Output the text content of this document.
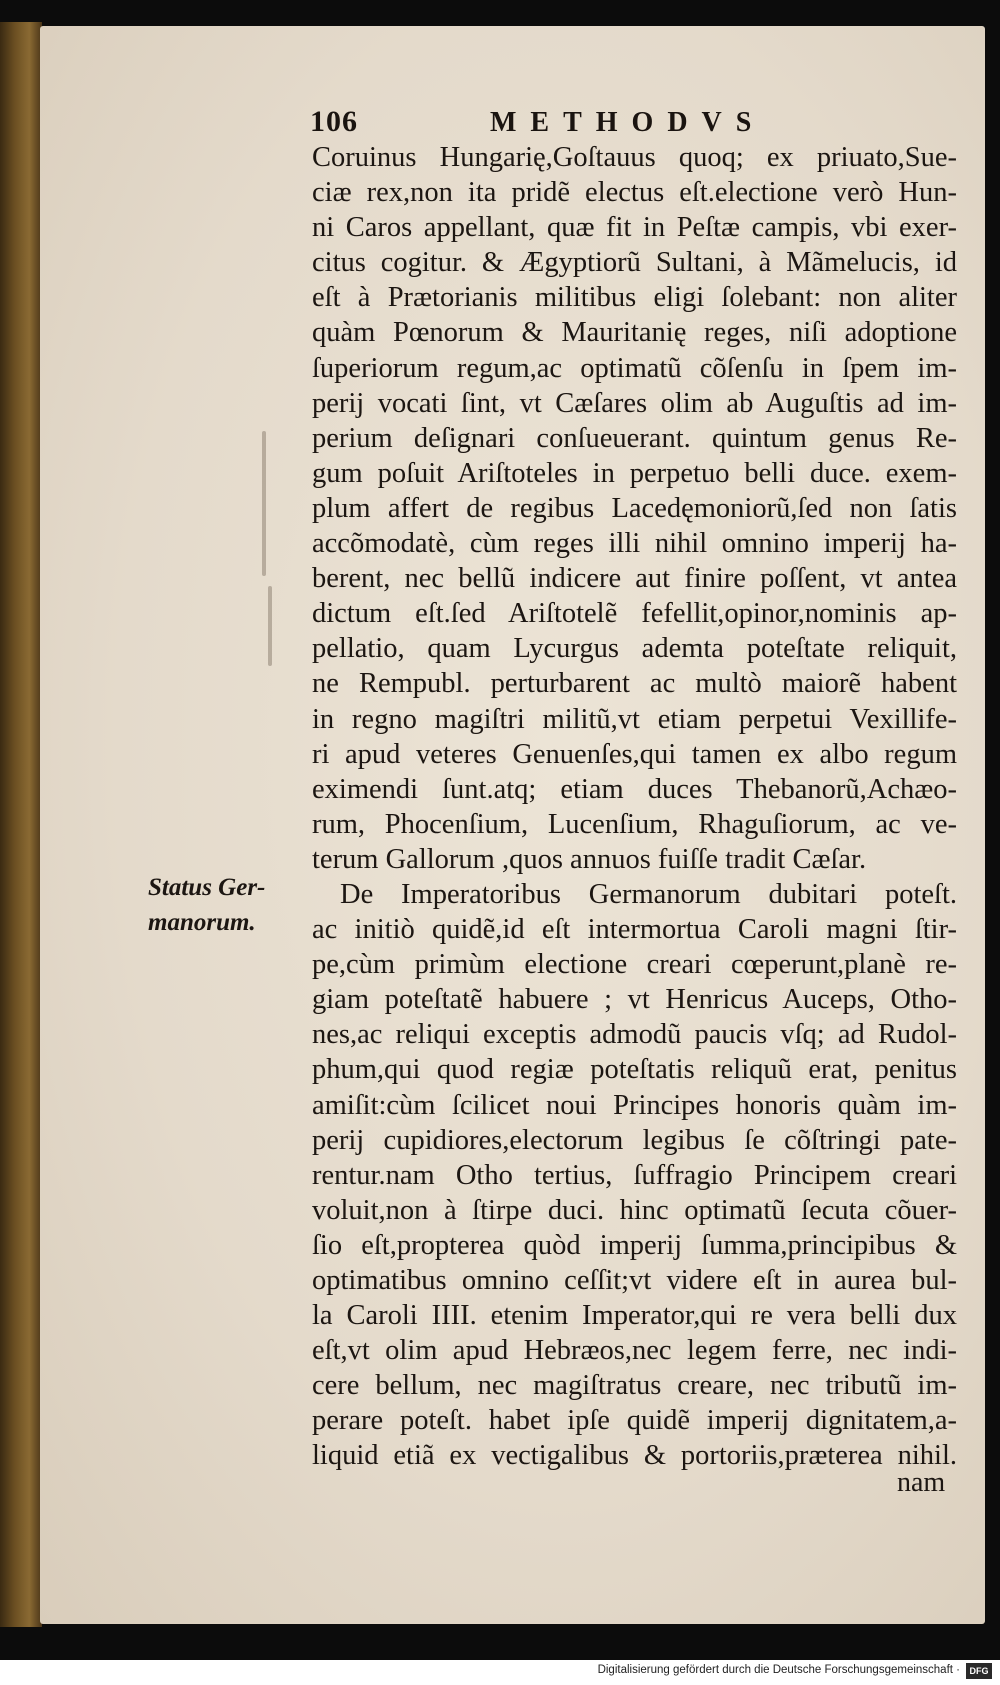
106	METHODVS
Status Ger-
manorum.
Coruinus Hungarię,Goſtauus quoq; ex priuato,Sue-
ciæ rex,non ita pridẽ electus eſt.electione verò Hun-
ni Caros appellant, quæ fit in Peſtæ campis, vbi exer-
citus cogitur. & Ægyptiorũ Sultani, à Mãmelucis, id
eſt à Prætorianis militibus eligi ſolebant: non aliter
quàm Pœnorum & Mauritanię reges, niſi adoptione
ſuperiorum regum,ac optimatũ cõſenſu in ſpem im-
perij vocati ſint, vt Cæſares olim ab Auguſtis ad im-
perium deſignari conſueuerant. quintum genus Re-
gum poſuit Ariſtoteles in perpetuo belli duce. exem-
plum affert de regibus Lacedęmoniorũ,ſed non ſatis
accõmodatè, cùm reges illi nihil omnino imperij ha-
berent, nec bellũ indicere aut finire poſſent, vt antea
dictum eſt.ſed Ariſtotelẽ fefellit,opinor,nominis ap-
pellatio, quam Lycurgus ademta poteſtate reliquit,
ne Rempubl. perturbarent ac multò maiorẽ habent
in regno magiſtri militũ,vt etiam perpetui Vexillife-
ri apud veteres Genuenſes,qui tamen ex albo regum
eximendi ſunt.atq; etiam duces Thebanorũ,Achæo-
rum, Phocenſium, Lucenſium, Rhaguſiorum, ac ve-
terum Gallorum ,quos annuos fuiſſe tradit Cæſar.
De Imperatoribus Germanorum dubitari poteſt.
ac initiò quidẽ,id eſt intermortua Caroli magni ſtir-
pe,cùm primùm electione creari cœperunt,planè re-
giam poteſtatẽ habuere ; vt Henricus Auceps, Otho-
nes,ac reliqui exceptis admodũ paucis vſq; ad Rudol-
phum,qui quod regiæ poteſtatis reliquũ erat, penitus
amiſit:cùm ſcilicet noui Principes honoris quàm im-
perij cupidiores,electorum legibus ſe cõſtringi pate-
rentur.nam Otho tertius, ſuffragio Principem creari
voluit,non à ſtirpe duci. hinc optimatũ ſecuta cõuer-
ſio eſt,propterea quòd imperij ſumma,principibus &
optimatibus omnino ceſſit;vt videre eſt in aurea bul-
la Caroli IIII. etenim Imperator,qui re vera belli dux
eſt,vt olim apud Hebræos,nec legem ferre, nec indi-
cere bellum, nec magiſtratus creare, nec tributũ im-
perare poteſt. habet ipſe quidẽ imperij dignitatem,a-
liquid etiã ex vectigalibus & portoriis,præterea nihil.
nam
Digitalisierung gefördert durch die Deutsche Forschungsgemeinschaft ·	DFG
